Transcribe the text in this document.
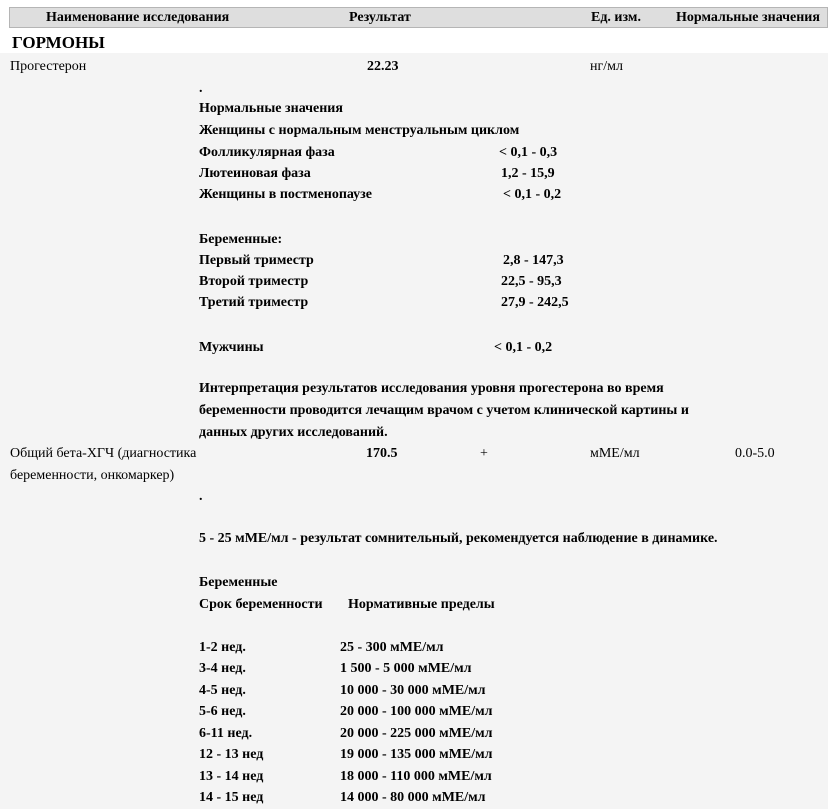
Наименование исследования	Результат	Ед. изм.	Нормальные значения
ГОРМОНЫ
Прогестерон	22.23	нг/мл
.
Нормальные значения
Женщины с нормальным менструальным циклом
Фолликулярная фаза	< 0,1 - 0,3
Лютеиновая фаза	1,2 - 15,9
Женщины в постменопаузе	< 0,1 - 0,2
Беременные:
Первый триместр	2,8 - 147,3
Второй триместр	22,5 - 95,3
Третий триместр	27,9 - 242,5
Мужчины	< 0,1 - 0,2
Интерпретация результатов исследования уровня прогестерона во время
беременности проводится лечащим врачом с учетом клинической картины и
данных других исследований.
Общий бета-ХГЧ (диагностика
беременности, онкомаркер)
170.5	+	мМЕ/мл	0.0-5.0
.
5 - 25 мМЕ/мл - результат сомнительный, рекомендуется наблюдение в динамике.
Беременные
Срок беременности Нормативные пределы
1-2 нед.	25 - 300 мМЕ/мл
3-4 нед.	1 500 - 5 000 мМЕ/мл
4-5 нед.	10 000 - 30 000 мМЕ/мл
5-6 нед.	20 000 - 100 000 мМЕ/мл
6-11 нед.	20 000 - 225 000 мМЕ/мл
12 - 13 нед	19 000 - 135 000 мМЕ/мл
13 - 14 нед	18 000 - 110 000 мМЕ/мл
14 - 15 нед	14 000 - 80 000 мМЕ/мл
